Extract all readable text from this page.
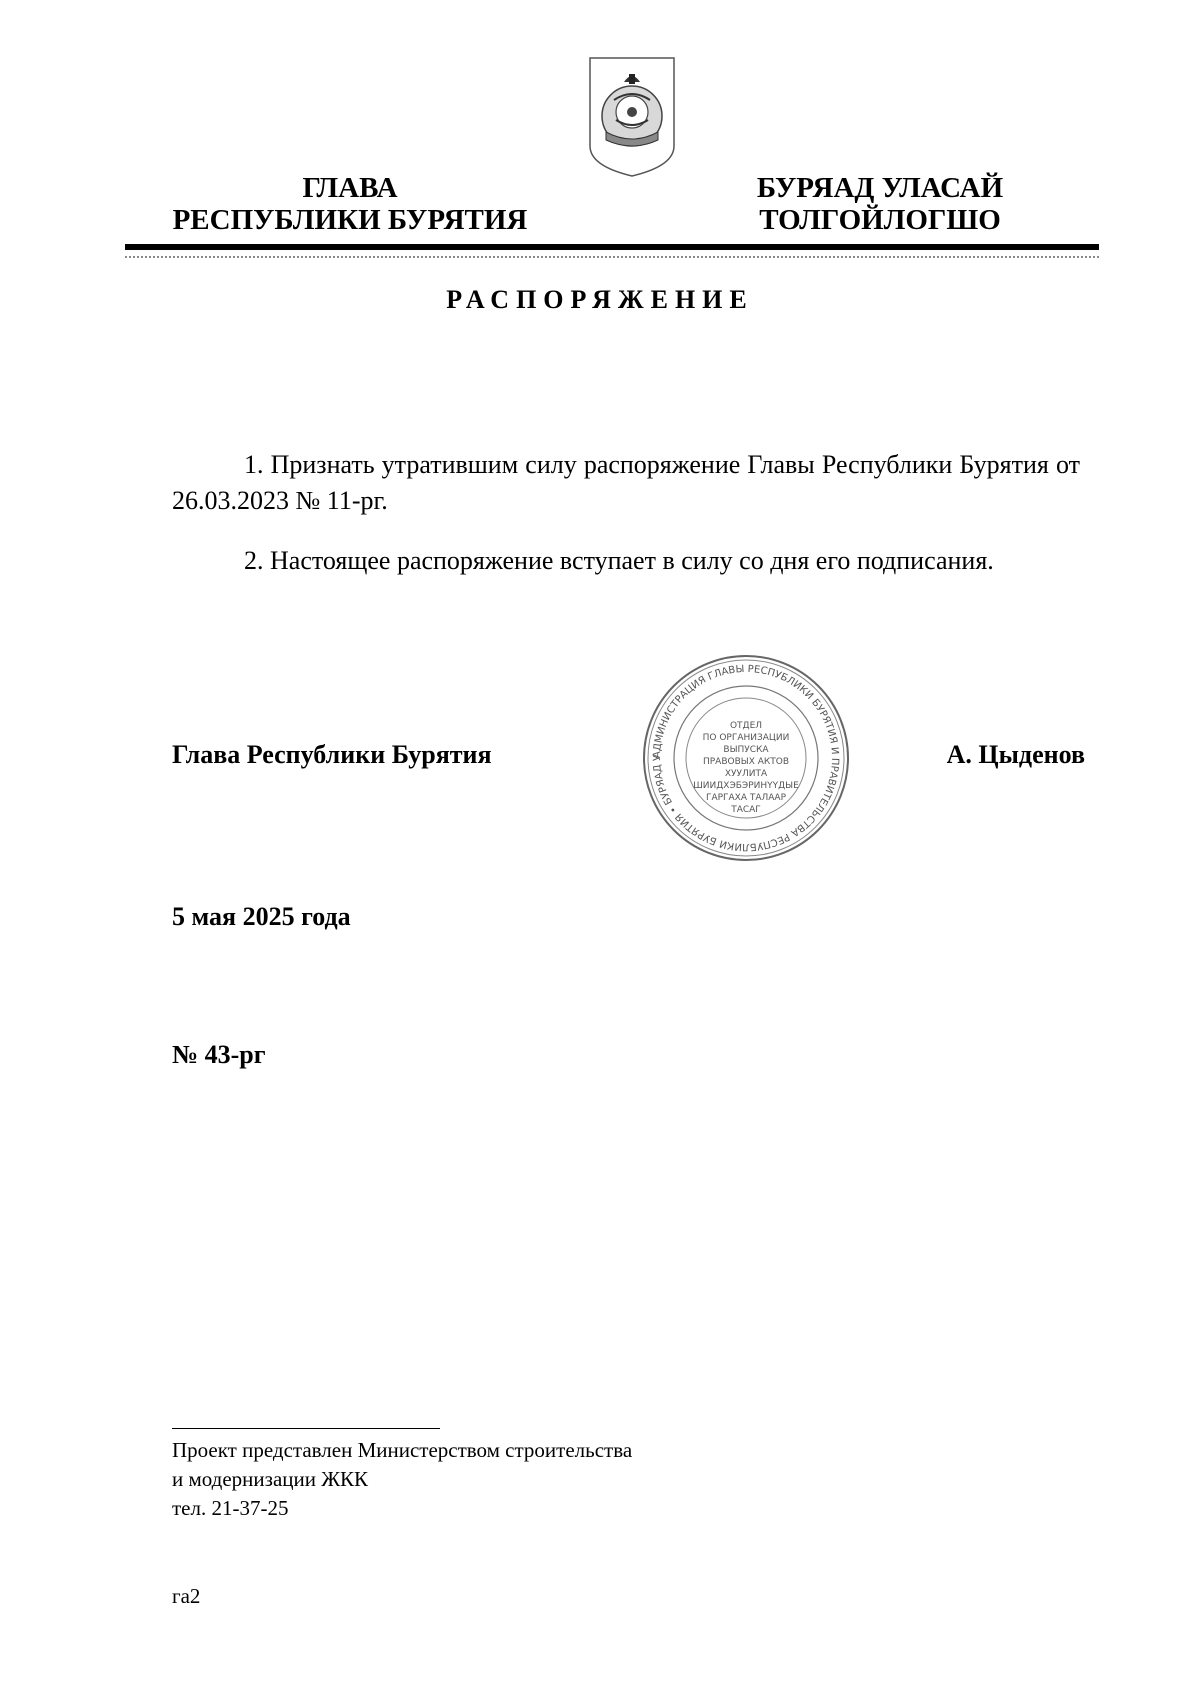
ГЛАВА
РЕСПУБЛИКИ БУРЯТИЯ
БУРЯАД УЛАСАЙ
ТОЛГОЙЛОГШО
РАСПОРЯЖЕНИЕ
1. Признать утратившим силу распоряжение Главы Республики Бурятия от 26.03.2023 № 11-рг.
2. Настоящее распоряжение вступает в силу со дня его подписания.
Глава Республики Бурятия	А. Цыденов
АДМИНИСТРАЦИЯ ГЛАВЫ РЕСПУБЛИКИ БУРЯТИЯ И ПРАВИТЕЛЬСТВА РЕСПУБЛИКИ БУРЯТИЯ • БУРЯАД У
ОТДЕЛ
ПО ОРГАНИЗАЦИИ
ВЫПУСКА
ПРАВОВЫХ АКТОВ
ХУУЛИТА
ШИИДХЭБЭРИНҮҮДЫЕ
ГАРГАХА ТАЛААР
ТАСАГ
5 мая 2025 года
№ 43-рг
Проект представлен Министерством строительства
и модернизации ЖКК
тел. 21-37-25
га2
